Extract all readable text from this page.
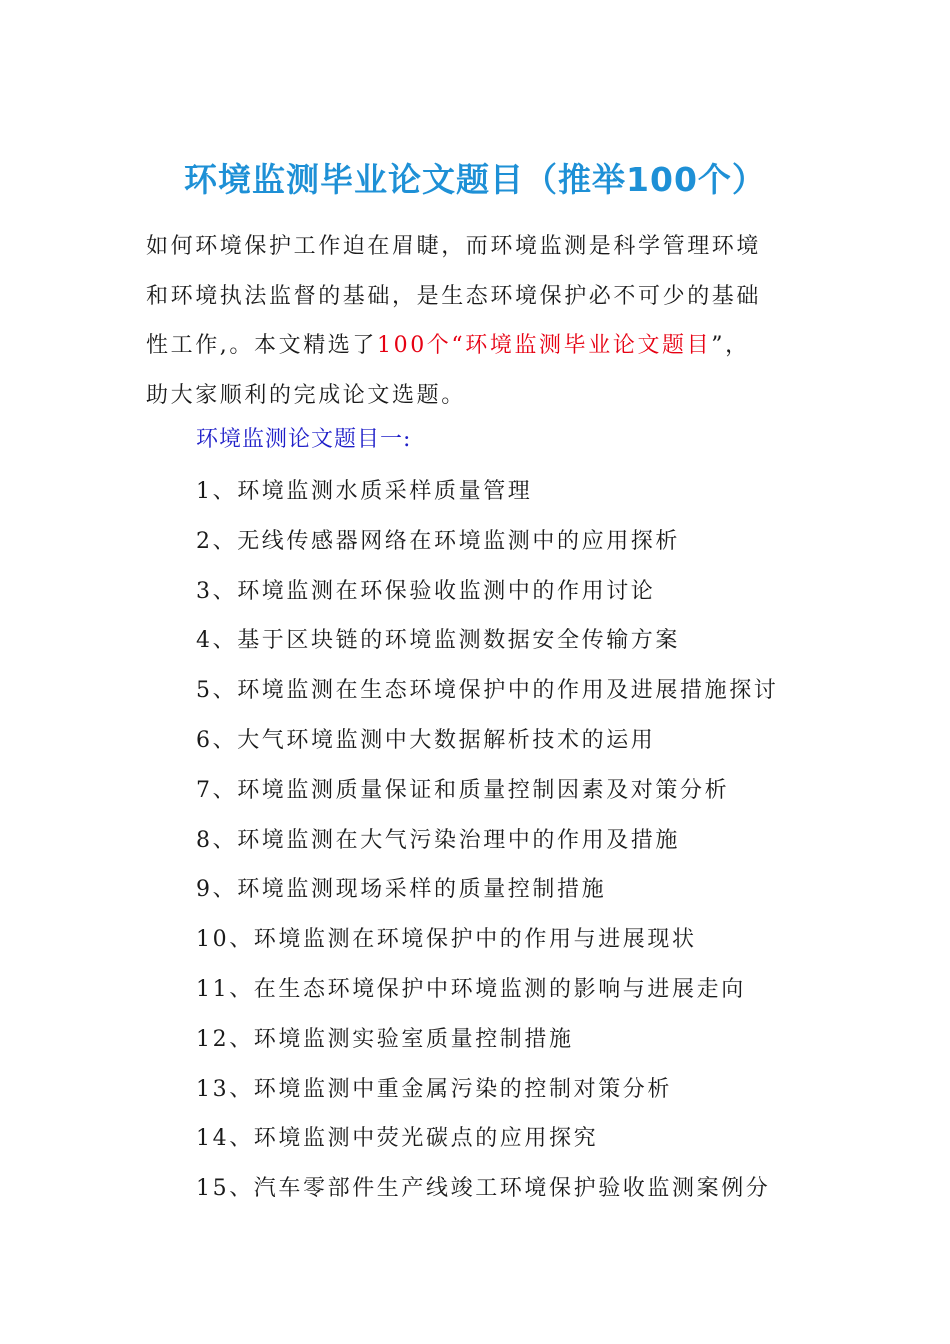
环境监测毕业论文题目（推举100个）
如何环境保护工作迫在眉睫，而环境监测是科学管理环境
和环境执法监督的基础，是生态环境保护必不可少的基础
性工作,。本文精选了100个“环境监测毕业论文题目”，
助大家顺利的完成论文选题。
环境监测论文题目一:
1、环境监测水质采样质量管理
2、无线传感器网络在环境监测中的应用探析
3、环境监测在环保验收监测中的作用讨论
4、基于区块链的环境监测数据安全传输方案
5、环境监测在生态环境保护中的作用及进展措施探讨
6、大气环境监测中大数据解析技术的运用
7、环境监测质量保证和质量控制因素及对策分析
8、环境监测在大气污染治理中的作用及措施
9、环境监测现场采样的质量控制措施
10、环境监测在环境保护中的作用与进展现状
11、在生态环境保护中环境监测的影响与进展走向
12、环境监测实验室质量控制措施
13、环境监测中重金属污染的控制对策分析
14、环境监测中荧光碳点的应用探究
15、汽车零部件生产线竣工环境保护验收监测案例分
